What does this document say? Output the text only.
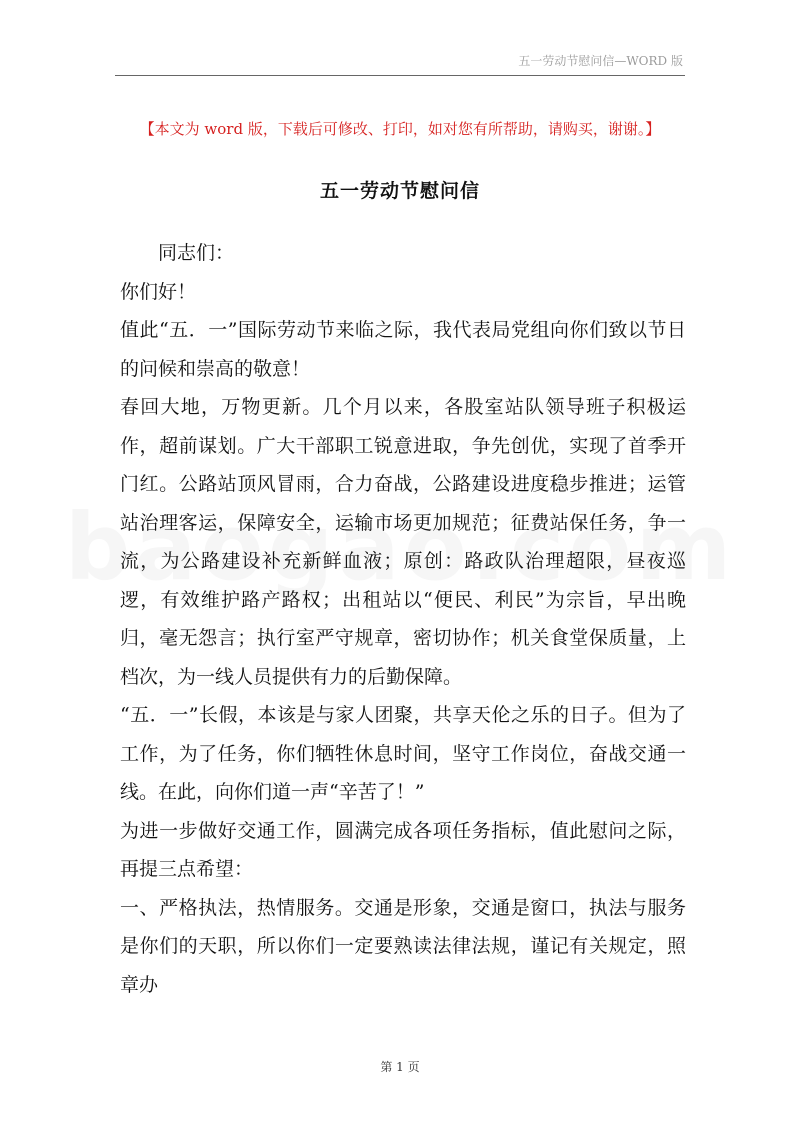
五一劳动节慰问信—WORD 版
【本文为 word 版，下载后可修改、打印，如对您有所帮助，请购买，谢谢。】
五一劳动节慰问信

同志们：

你们好！

值此“五．一”国际劳动节来临之际，我代表局党组向你们致以节日的问候和崇高的敬意！

春回大地，万物更新。几个月以来，各股室站队领导班子积极运作，超前谋划。广大干部职工锐意进取，争先创优，实现了首季开门红。公路站顶风冒雨，合力奋战，公路建设进度稳步推进；运管站治理客运，保障安全，运输市场更加规范；征费站保任务，争一流，为公路建设补充新鲜血液；原创：路政队治理超限，昼夜巡逻，有效维护路产路权；出租站以“便民、利民”为宗旨，早出晚归，毫无怨言；执行室严守规章，密切协作；机关食堂保质量，上档次，为一线人员提供有力的后勤保障。

“五．一”长假，本该是与家人团聚，共享天伦之乐的日子。但为了工作，为了任务，你们牺牲休息时间，坚守工作岗位，奋战交通一线。在此，向你们道一声“辛苦了！”

为进一步做好交通工作，圆满完成各项任务指标，值此慰问之际，再提三点希望：

一、严格执法，热情服务。交通是形象，交通是窗口，执法与服务是你们的天职，所以你们一定要熟读法律法规，谨记有关规定，照章办

第 1 页
